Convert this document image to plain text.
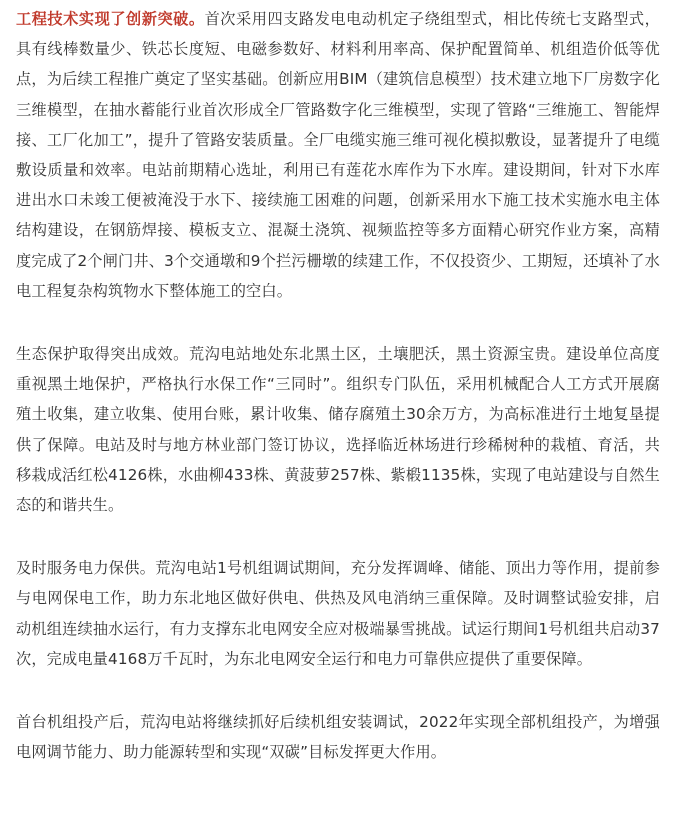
工程技术实现了创新突破。首次采用四支路发电电动机定子绕组型式，相比传统七支路型式，具有线棒数量少、铁芯长度短、电磁参数好、材料利用率高、保护配置简单、机组造价低等优点，为后续工程推广奠定了坚实基础。创新应用BIM（建筑信息模型）技术建立地下厂房数字化三维模型，在抽水蓄能行业首次形成全厂管路数字化三维模型，实现了管路“三维施工、智能焊接、工厂化加工”，提升了管路安装质量。全厂电缆实施三维可视化模拟敷设，显著提升了电缆敷设质量和效率。电站前期精心选址，利用已有莲花水库作为下水库。建设期间，针对下水库进出水口未竣工便被淹没于水下、接续施工困难的问题，创新采用水下施工技术实施水电主体结构建设，在钢筋焊接、模板支立、混凝土浇筑、视频监控等多方面精心研究作业方案，高精度完成了2个闸门井、3个交通墩和9个拦污栅墩的续建工作，不仅投资少、工期短，还填补了水电工程复杂构筑物水下整体施工的空白。

生态保护取得突出成效。荒沟电站地处东北黑土区，土壤肥沃，黑土资源宝贵。建设单位高度重视黑土地保护，严格执行水保工作“三同时”。组织专门队伍，采用机械配合人工方式开展腐殖土收集，建立收集、使用台账，累计收集、储存腐殖土30余万方，为高标准进行土地复垦提供了保障。电站及时与地方林业部门签订协议，选择临近林场进行珍稀树种的栽植、育活，共移栽成活红松4126株，水曲柳433株、黄菠萝257株、紫椴1135株，实现了电站建设与自然生态的和谐共生。

及时服务电力保供。荒沟电站1号机组调试期间，充分发挥调峰、储能、顶出力等作用，提前参与电网保电工作，助力东北地区做好供电、供热及风电消纳三重保障。及时调整试验安排，启动机组连续抽水运行，有力支撑东北电网安全应对极端暴雪挑战。试运行期间1号机组共启动37次，完成电量4168万千瓦时，为东北电网安全运行和电力可靠供应提供了重要保障。

首台机组投产后，荒沟电站将继续抓好后续机组安装调试，2022年实现全部机组投产，为增强电网调节能力、助力能源转型和实现“双碳”目标发挥更大作用。
